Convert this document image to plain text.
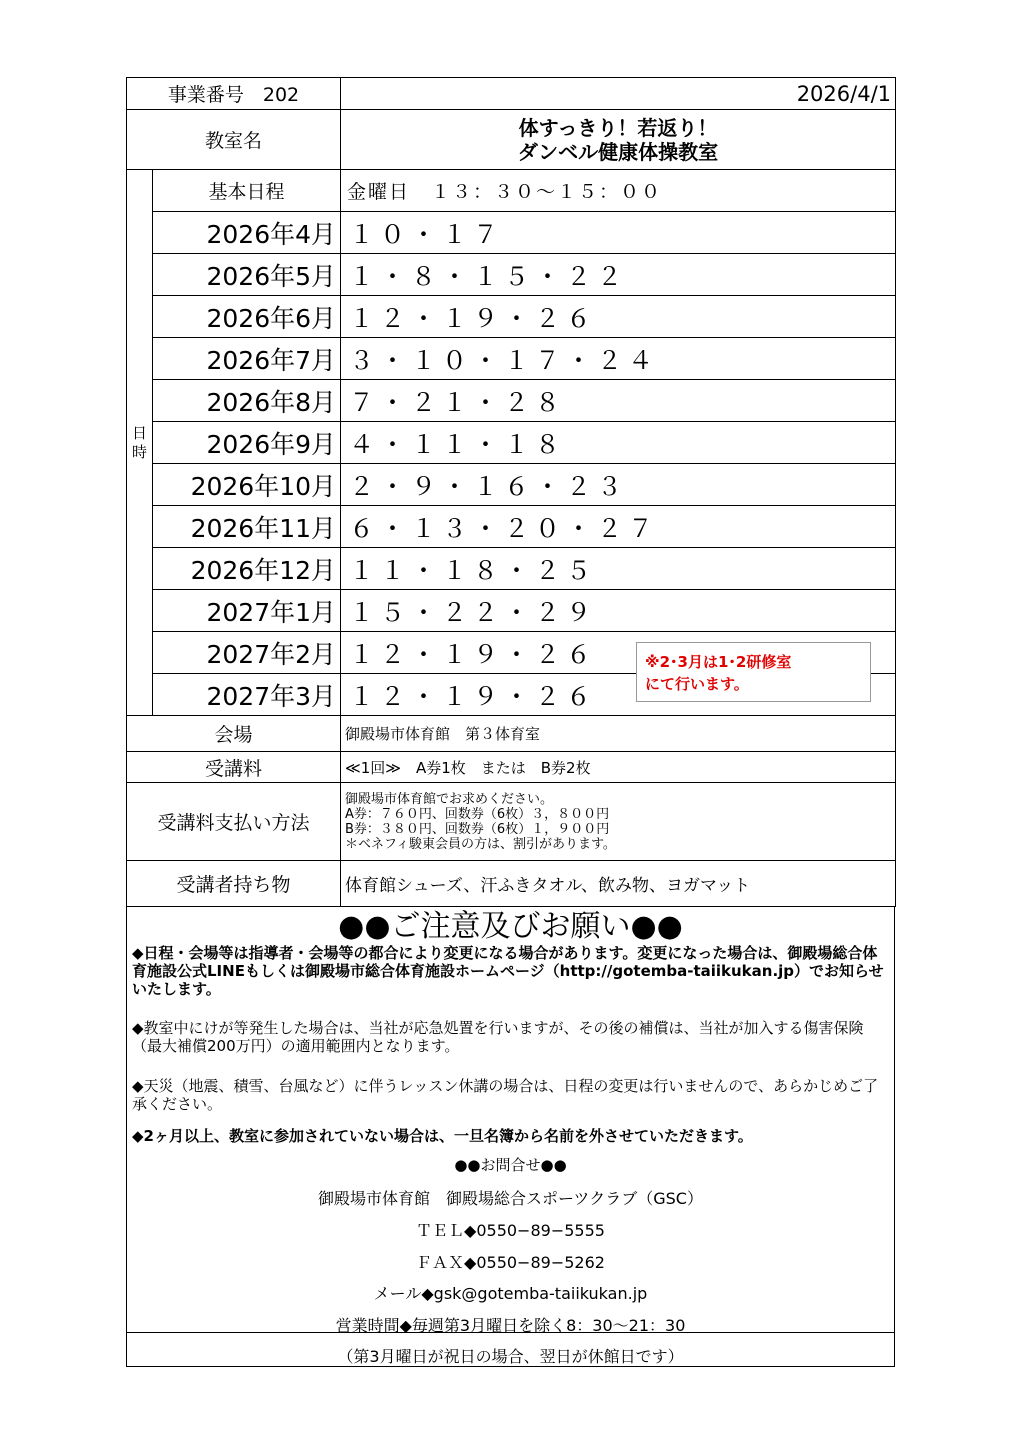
事業番号　202		2026/4/1
教室名		体すっきり！若返り！
ダンベル健康体操教室

日
時	基本日程	金曜日　１３：３０～１５：００
	2026年4月	１０・１７
	2026年5月	１・８・１５・２２
	2026年6月	１２・１９・２６
	2026年7月	３・１０・１７・２４
	2026年8月	７・２１・２８
	2026年9月	４・１１・１８
	2026年10月	２・９・１６・２３
	2026年11月	６・１３・２０・２７
	2026年12月	１１・１８・２５
	2027年1月	１５・２２・２９
	2027年2月	１２・１９・２６
	2027年3月	１２・１９・２６
会場		御殿場市体育館　第３体育室
受講料		≪1回≫　A券1枚　または　B券2枚
受講料支払い方法		御殿場市体育館でお求めください。
A券：７６０円、回数券（6枚）３，８００円
B券：３８０円、回数券（6枚）１，９００円
＊ベネフィ駿東会員の方は、割引があります。

受講者持ち物		体育館シューズ、汗ふきタオル、飲み物、ヨガマット
※2･3月は1･2研修室
にて行います。
●●ご注意及びお願い●●
◆日程・会場等は指導者・会場等の都合により変更になる場合があります。変更になった場合は、御殿場総合体育施設公式LINEもしくは御殿場市総合体育施設ホームページ（http://gotemba-taiikukan.jp）でお知らせいたします。
◆教室中にけが等発生した場合は、当社が応急処置を行いますが、その後の補償は、当社が加入する傷害保険（最大補償200万円）の適用範囲内となります。
◆天災（地震、積雪、台風など）に伴うレッスン休講の場合は、日程の変更は行いませんので、あらかじめご了承ください。
◆2ヶ月以上、教室に参加されていない場合は、一旦名簿から名前を外させていただきます。
●●お問合せ●●
御殿場市体育館　御殿場総合スポーツクラブ（GSC）
ＴＥＬ◆0550−89−5555
ＦＡＸ◆0550−89−5262
メール◆gsk@gotemba-taiikukan.jp
営業時間◆毎週第3月曜日を除く8：30～21：30
（第3月曜日が祝日の場合、翌日が休館日です）
